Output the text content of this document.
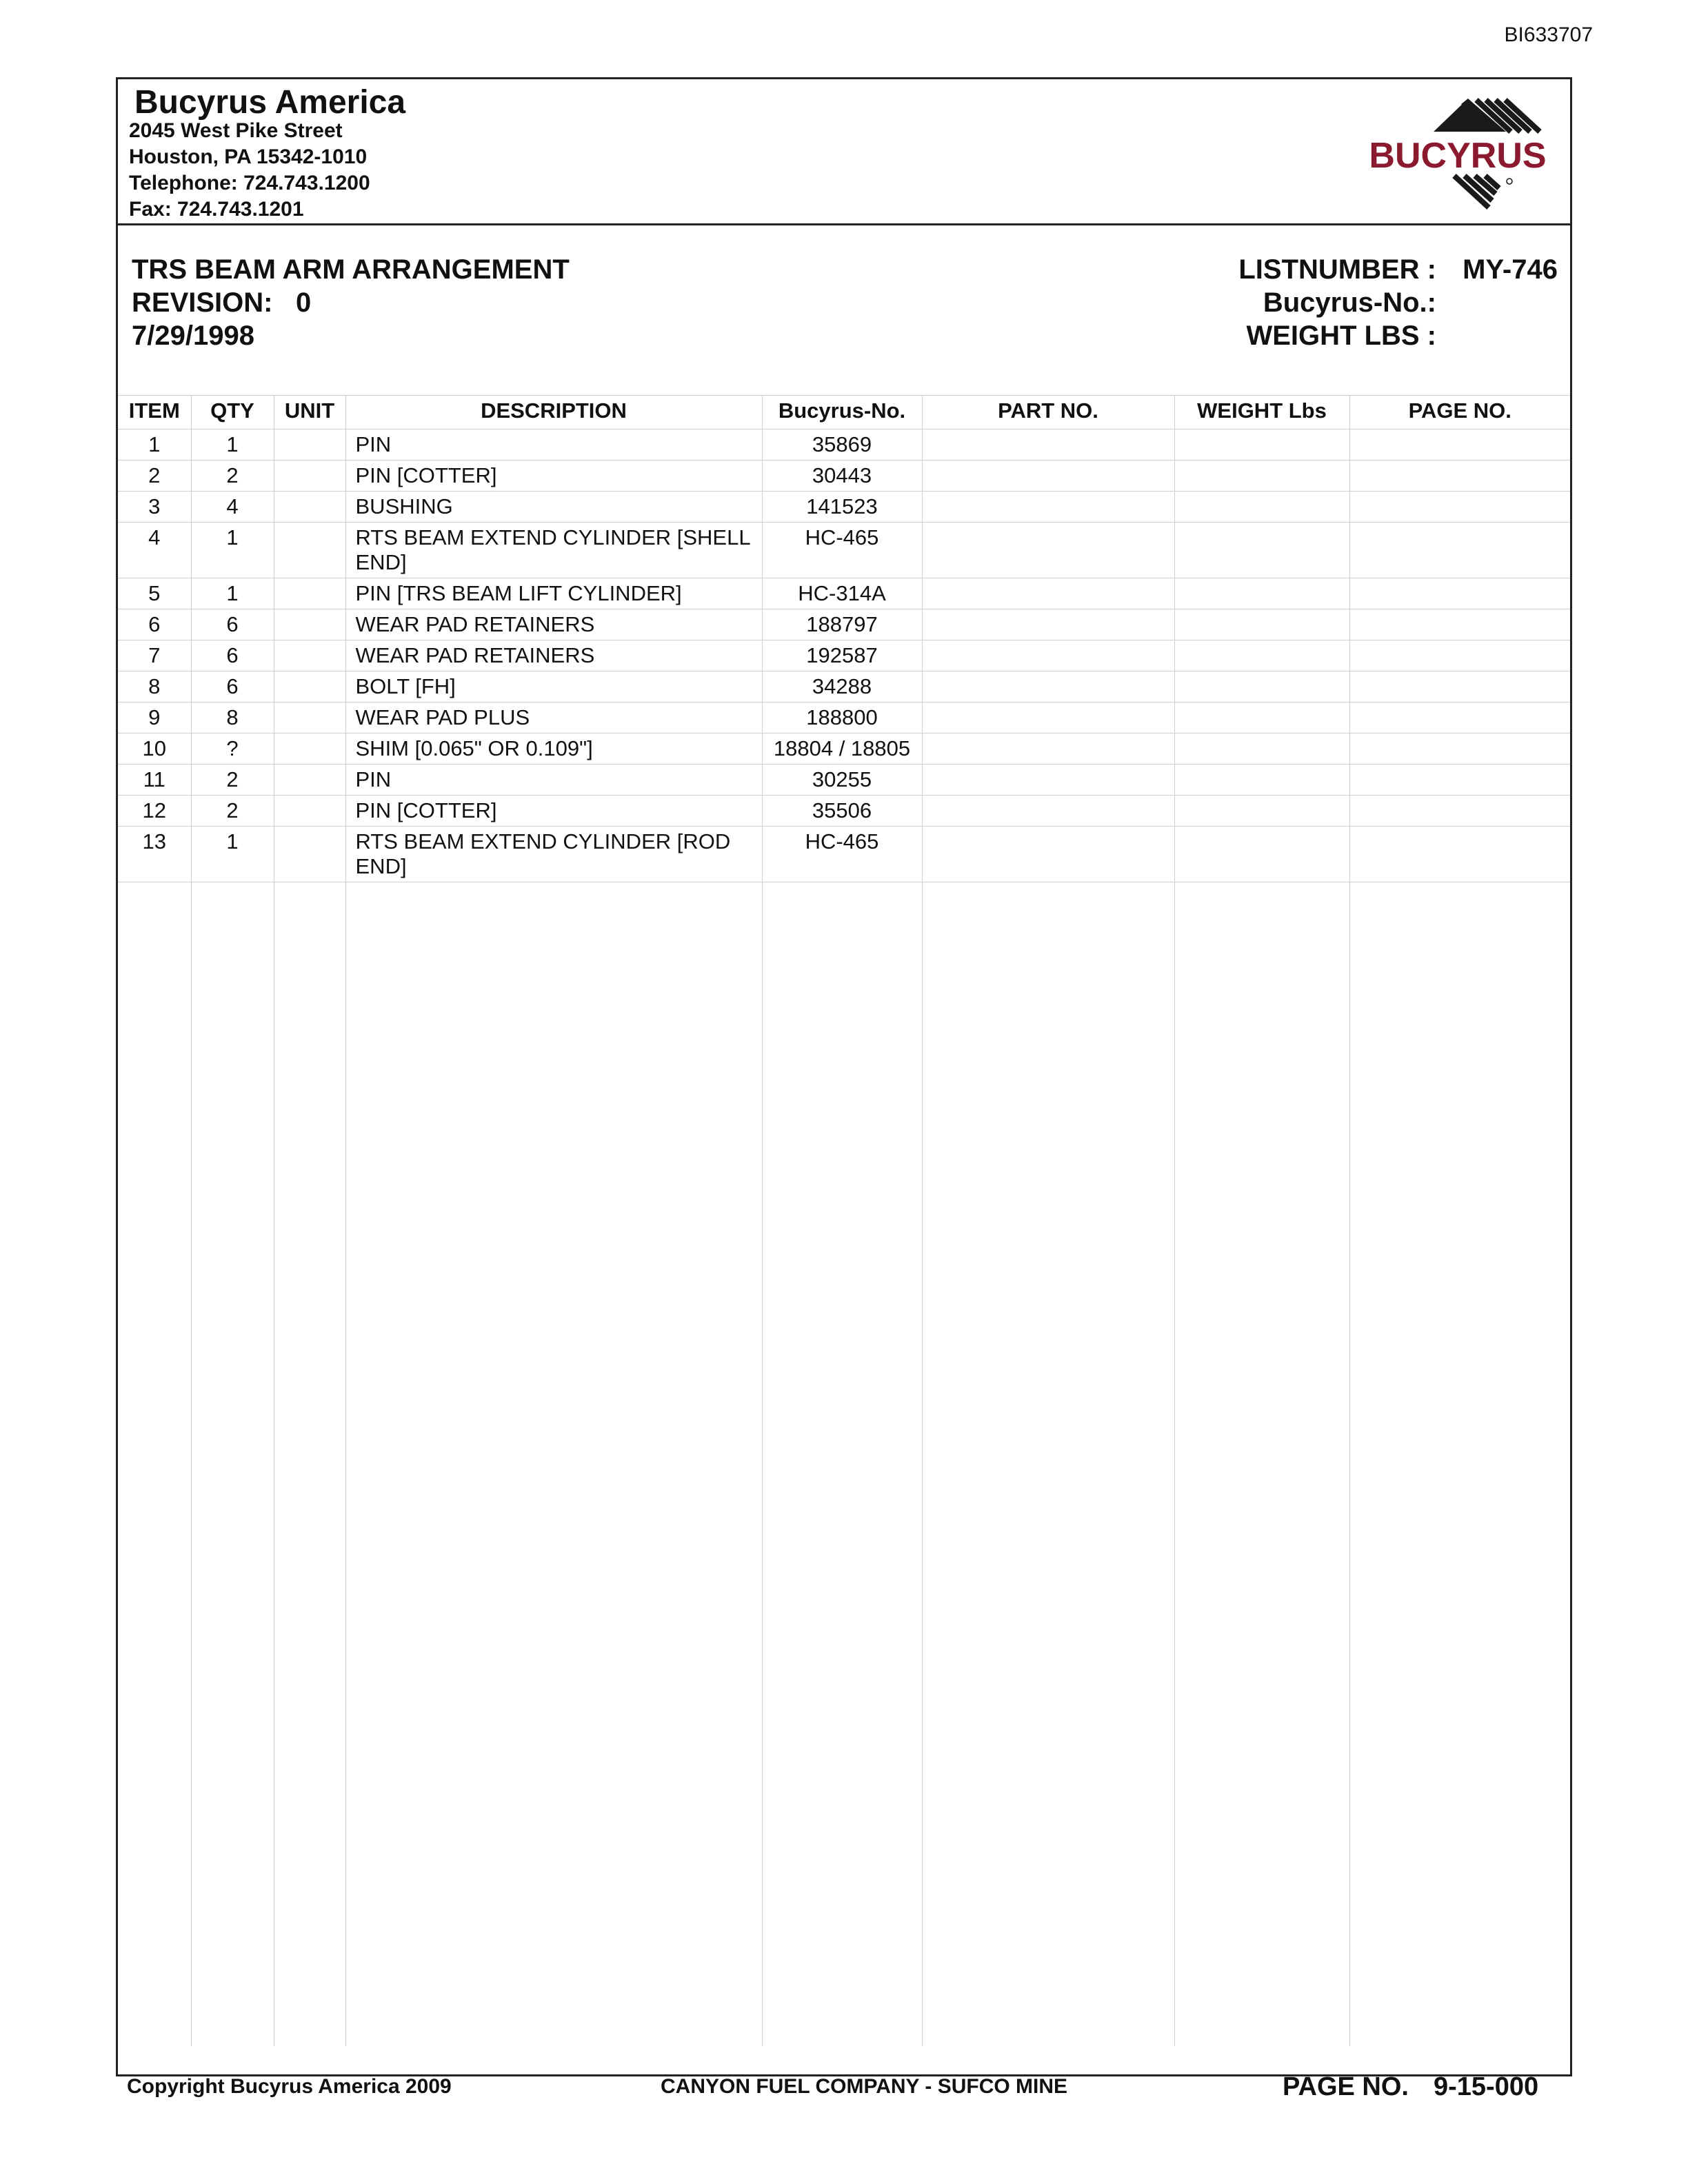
BI633707
Bucyrus America
2045 West Pike Street
Houston, PA 15342-1010
Telephone: 724.743.1200
Fax: 724.743.1201
BUCYRUS
TRS BEAM ARM ARRANGEMENT
REVISION: 0
7/29/1998
LISTNUMBER : MY-746
Bucyrus-No.:
WEIGHT LBS :
ITEM	QTY	UNIT	DESCRIPTION	Bucyrus-No.	PART NO.	WEIGHT Lbs	PAGE NO.
1	1		PIN	35869			
2	2		PIN [COTTER]	30443			
3	4		BUSHING	141523			
4	1		RTS BEAM EXTEND CYLINDER [SHELL END]	HC-465			
5	1		PIN [TRS BEAM LIFT CYLINDER]	HC-314A			
6	6		WEAR PAD RETAINERS	188797			
7	6		WEAR PAD RETAINERS	192587			
8	6		BOLT [FH]	34288			
9	8		WEAR PAD PLUS	188800			
10	?		SHIM [0.065" OR 0.109"]	18804 / 18805			
11	2		PIN	30255			
12	2		PIN [COTTER]	35506			
13	1		RTS BEAM EXTEND CYLINDER [ROD END]	HC-465			

Copyright Bucyrus America 2009	CANYON FUEL COMPANY - SUFCO MINE	PAGE NO. 9-15-000
